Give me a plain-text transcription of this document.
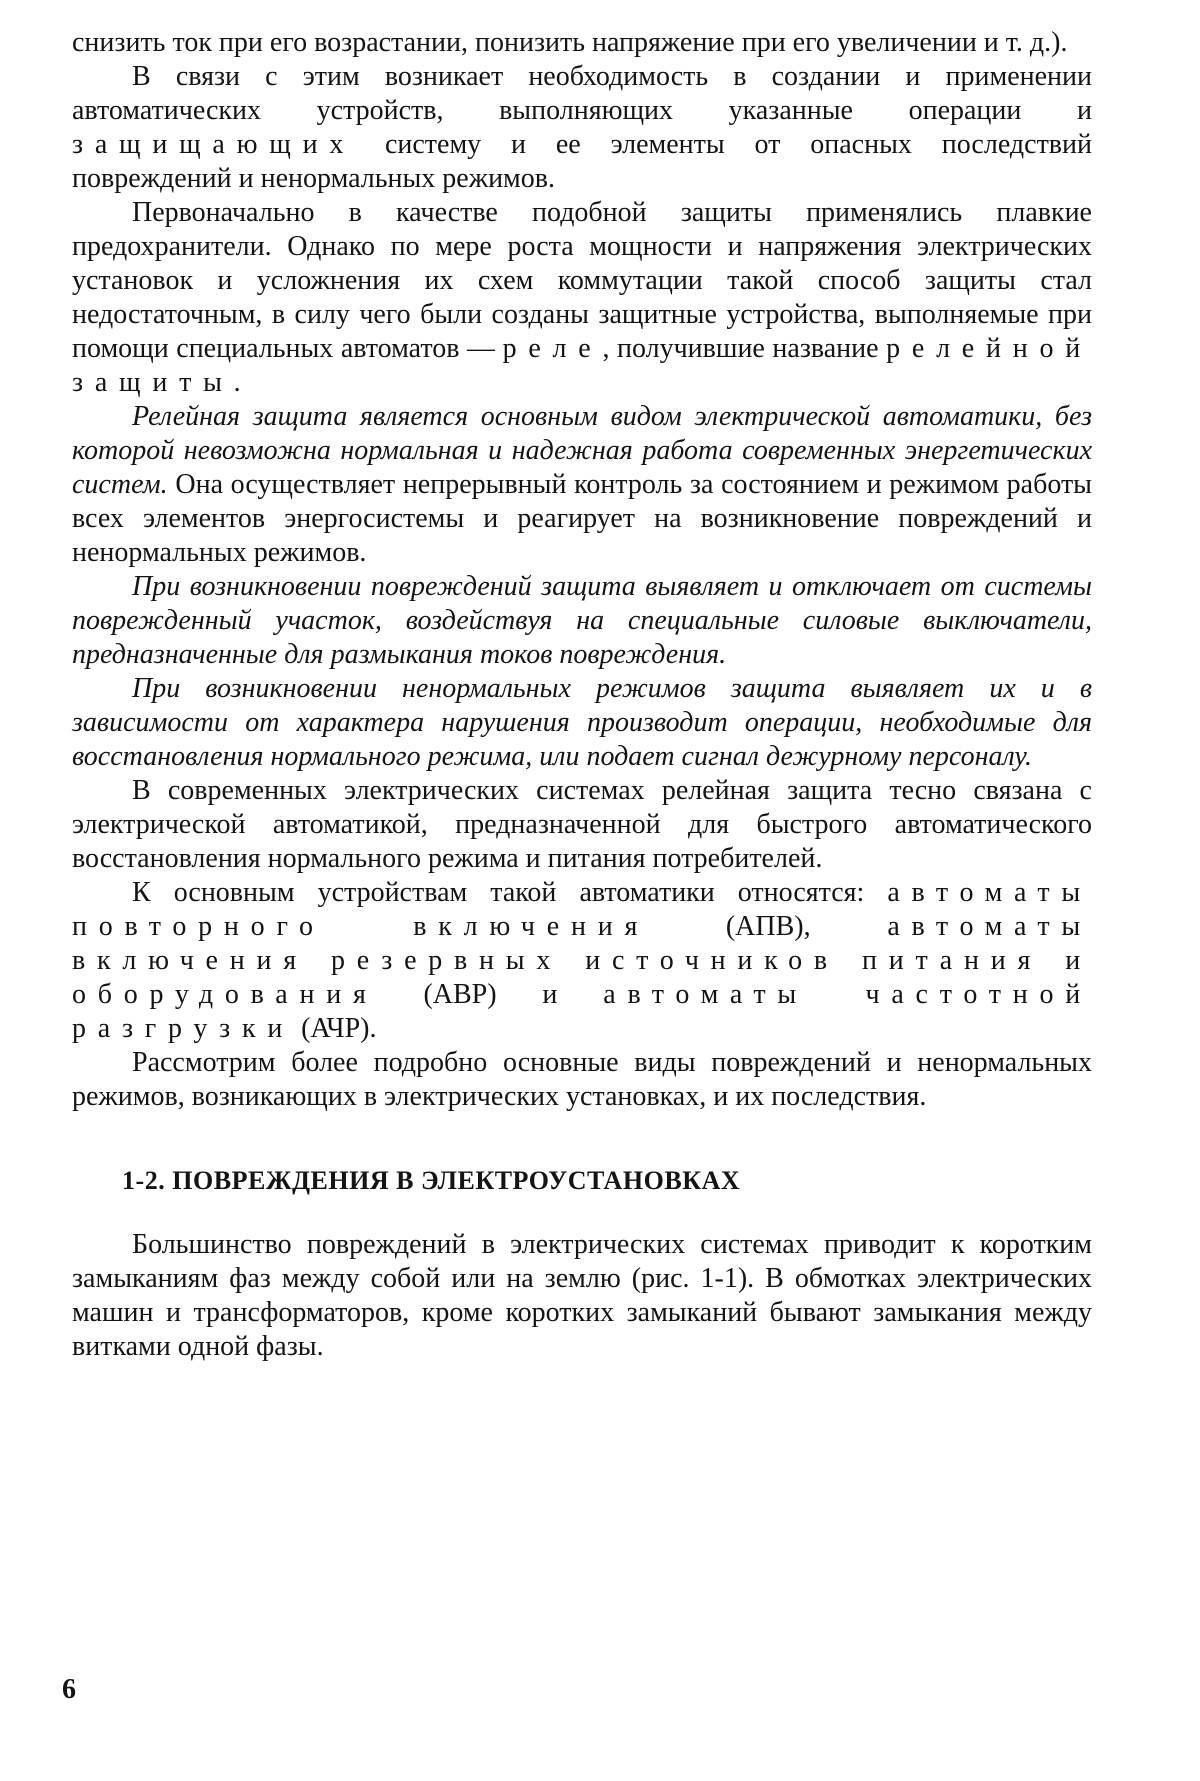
снизить ток при его возрастании, понизить напряжение при его увеличении и т. д.).

В связи с этим возникает необходимость в создании и применении автоматических устройств, выполняющих указанные операции и защищающих систему и ее элементы от опасных последствий повреждений и ненормальных режимов.

Первоначально в качестве подобной защиты применялись плавкие предохранители. Однако по мере роста мощности и напряжения электрических установок и усложнения их схем коммутации такой способ защиты стал недостаточным, в силу чего были созданы защитные устройства, выполняемые при помощи специальных автоматов — реле, получившие название релейной защиты.

Релейная защита является основным видом электрической автоматики, без которой невозможна нормальная и надежная работа современных энергетических систем. Она осуществляет непрерывный контроль за состоянием и режимом работы всех элементов энергосистемы и реагирует на возникновение повреждений и ненормальных режимов.

При возникновении повреждений защита выявляет и отключает от системы поврежденный участок, воздействуя на специальные силовые выключатели, предназначенные для размыкания токов повреждения.

При возникновении ненормальных режимов защита выявляет их и в зависимости от характера нарушения производит операции, необходимые для восстановления нормального режима, или подает сигнал дежурному персоналу.

В современных электрических системах релейная защита тесно связана с электрической автоматикой, предназначенной для быстрого автоматического восстановления нормального режима и питания потребителей.

К основным устройствам такой автоматики относятся: автоматы повторного включения (АПВ), автоматы включения резервных источников питания и оборудования (АВР) и автоматы частотной разгрузки (АЧР).

Рассмотрим более подробно основные виды повреждений и ненормальных режимов, возникающих в электрических установках, и их последствия.

1-2. ПОВРЕЖДЕНИЯ В ЭЛЕКТРОУСТАНОВКАХ

Большинство повреждений в электрических системах приводит к коротким замыканиям фаз между собой или на землю (рис. 1-1). В обмотках электрических машин и трансформаторов, кроме коротких замыканий бывают замыкания между витками одной фазы.

6
